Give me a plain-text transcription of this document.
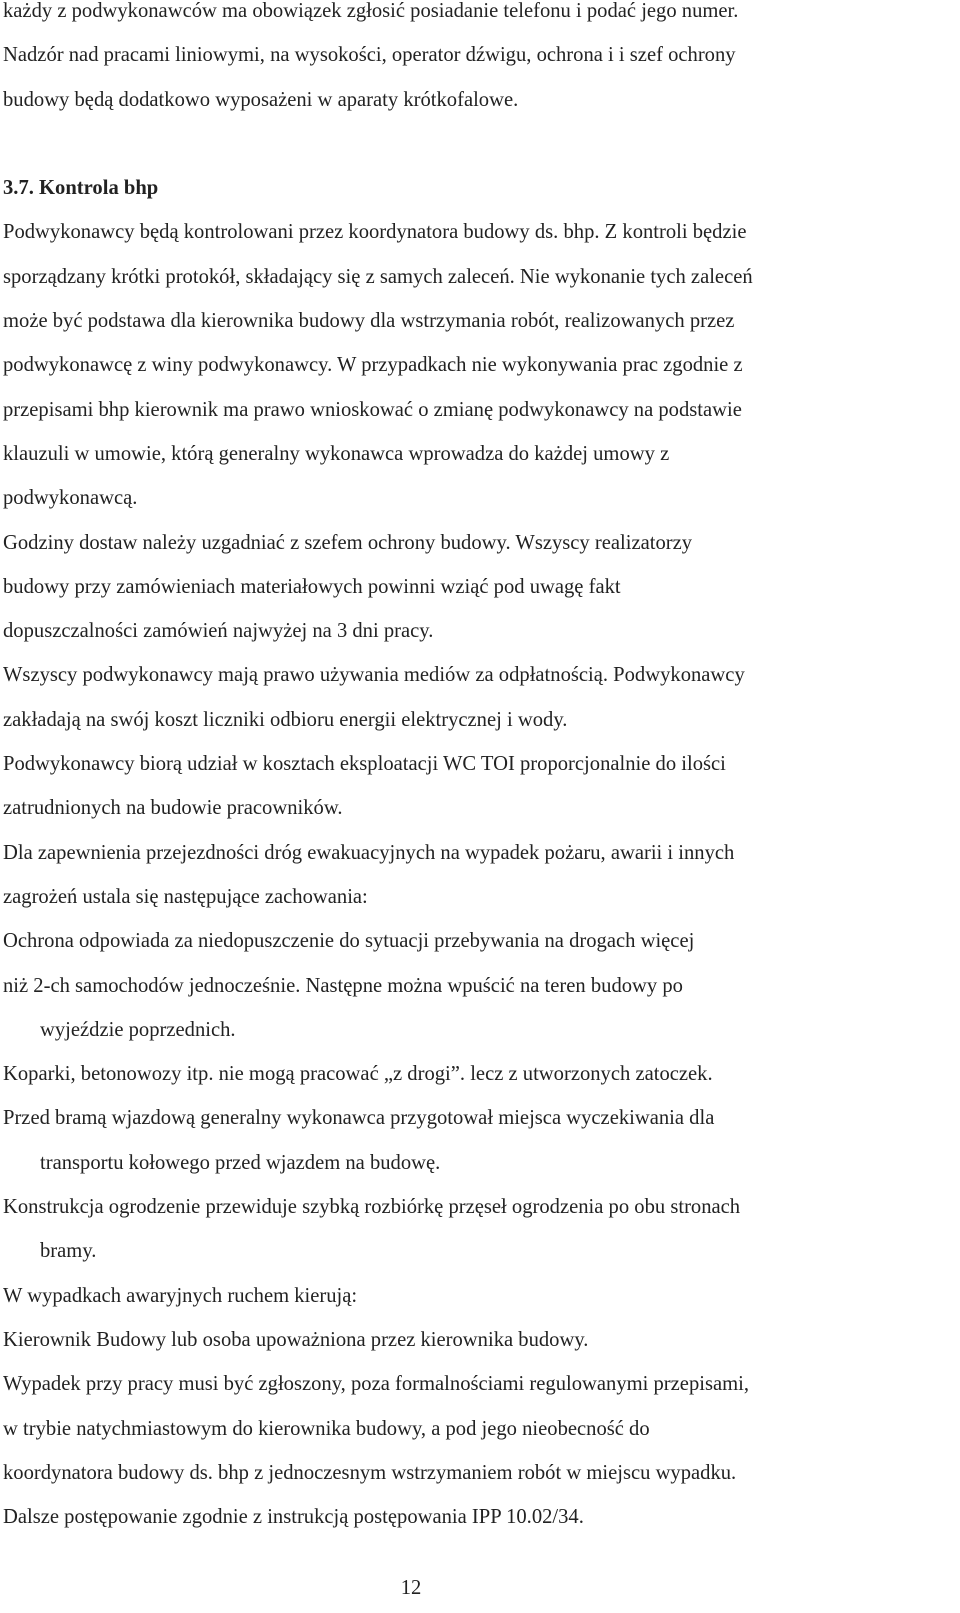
każdy z podwykonawców ma obowiązek zgłosić posiadanie telefonu i podać jego numer.
Nadzór nad pracami liniowymi, na wysokości, operator dźwigu, ochrona i i szef ochrony
budowy będą dodatkowo wyposażeni w aparaty krótkofalowe.
3.7. Kontrola bhp
Podwykonawcy będą kontrolowani przez koordynatora budowy ds. bhp. Z kontroli będzie
sporządzany krótki protokół, składający się z samych zaleceń. Nie wykonanie tych zaleceń
może być podstawa dla kierownika budowy dla wstrzymania robót, realizowanych przez
podwykonawcę z winy podwykonawcy. W przypadkach nie wykonywania prac zgodnie z
przepisami bhp kierownik ma prawo wnioskować o zmianę podwykonawcy na podstawie
klauzuli w umowie, którą generalny wykonawca wprowadza do każdej umowy z
podwykonawcą.
Godziny dostaw należy uzgadniać z szefem ochrony budowy. Wszyscy realizatorzy
budowy przy zamówieniach materiałowych powinni wziąć pod uwagę fakt
dopuszczalności zamówień najwyżej na 3 dni pracy.
Wszyscy podwykonawcy mają prawo używania mediów za odpłatnością. Podwykonawcy
zakładają na swój koszt liczniki odbioru energii elektrycznej i wody.
Podwykonawcy biorą udział w kosztach eksploatacji WC TOI proporcjonalnie do ilości
zatrudnionych na budowie pracowników.
Dla zapewnienia przejezdności dróg ewakuacyjnych na wypadek pożaru, awarii i innych
zagrożeń ustala się następujące zachowania:
Ochrona odpowiada za niedopuszczenie do sytuacji przebywania na drogach więcej
niż 2-ch samochodów jednocześnie. Następne można wpuścić na teren budowy po
wyjeździe poprzednich.
Koparki, betonowozy itp. nie mogą pracować „z drogi”. lecz z utworzonych zatoczek.
Przed bramą wjazdową generalny wykonawca przygotował miejsca wyczekiwania dla
transportu kołowego przed wjazdem na budowę.
Konstrukcja ogrodzenie przewiduje szybką rozbiórkę przęseł ogrodzenia po obu stronach
bramy.
W wypadkach awaryjnych ruchem kierują:
Kierownik Budowy lub osoba upoważniona przez kierownika budowy.
Wypadek przy pracy musi być zgłoszony, poza formalnościami regulowanymi przepisami,
w trybie natychmiastowym do kierownika budowy, a pod jego nieobecność do
koordynatora budowy ds. bhp z jednoczesnym wstrzymaniem robót w miejscu wypadku.
Dalsze postępowanie zgodnie z instrukcją postępowania IPP 10.02/34.
12
